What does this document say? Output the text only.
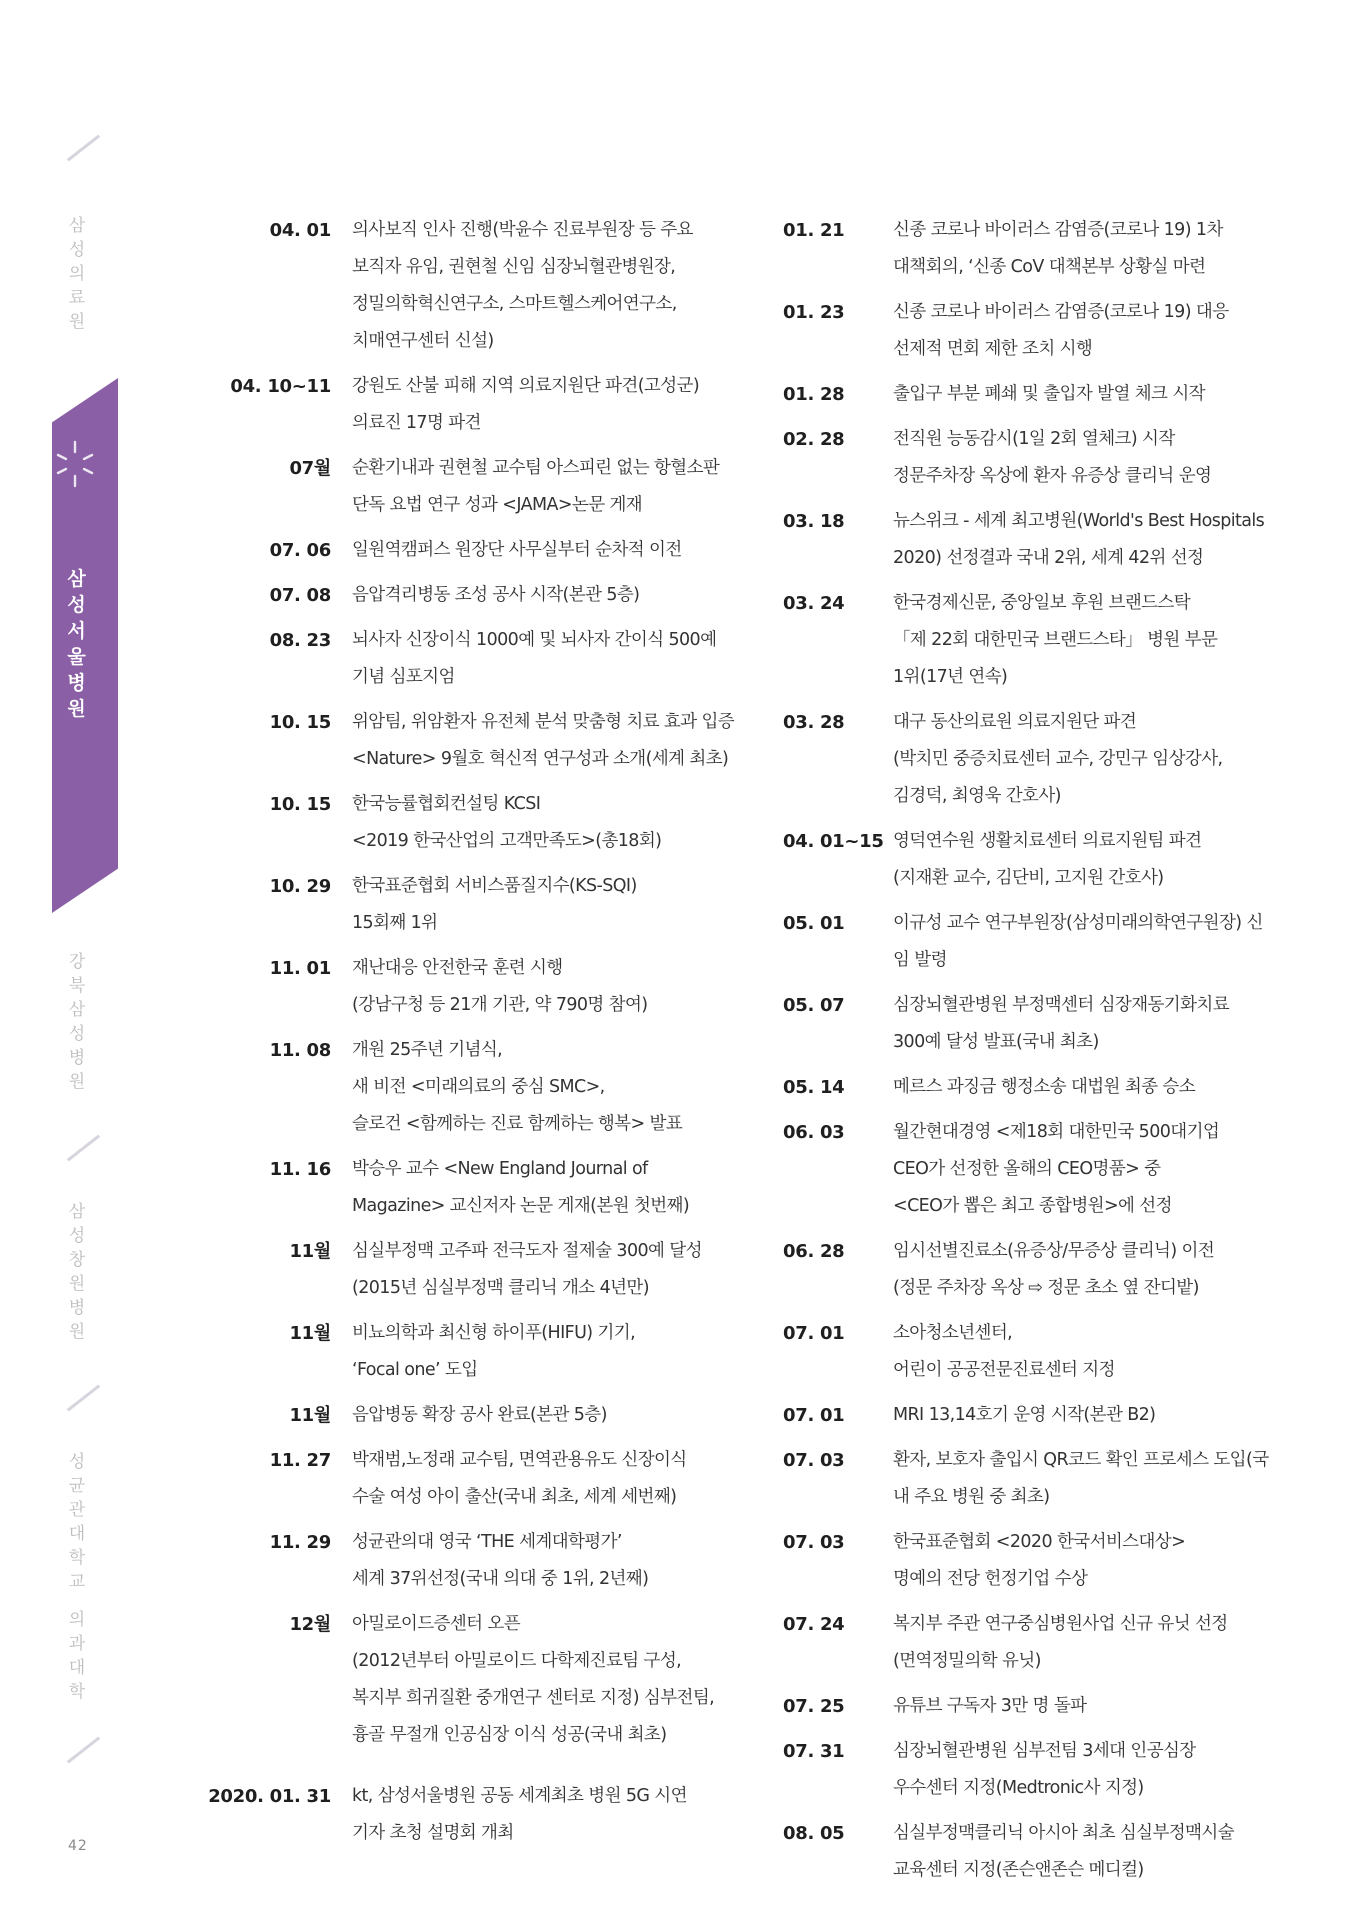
삼
성
의
료
원
삼
성
서
울
병
원
강
북
삼
성
병
원
삼
성
창
원
병
원
성
균
관
대
학
교

의
과
대
학
42
04. 01 의사보직 인사 진행(박윤수 진료부원장 등 주요
보직자 유임, 권현철 신임 심장뇌혈관병원장,
정밀의학혁신연구소, 스마트헬스케어연구소,
치매연구센터 신설)
04. 10~11 강원도 산불 피해 지역 의료지원단 파견(고성군)
의료진 17명 파견
07월 순환기내과 권현철 교수팀 아스피린 없는 항혈소판
단독 요법 연구 성과 <JAMA>논문 게재
07. 06 일원역캠퍼스 원장단 사무실부터 순차적 이전
07. 08 음압격리병동 조성 공사 시작(본관 5층)
08. 23 뇌사자 신장이식 1000예 및 뇌사자 간이식 500예
기념 심포지엄
10. 15 위암팀, 위암환자 유전체 분석 맞춤형 치료 효과 입증
<Nature> 9월호 혁신적 연구성과 소개(세계 최초)
10. 15 한국능률협회컨설팅 KCSI
<2019 한국산업의 고객만족도>(총18회)
10. 29 한국표준협회 서비스품질지수(KS-SQI)
15회째 1위
11. 01 재난대응 안전한국 훈련 시행
(강남구청 등 21개 기관, 약 790명 참여)
11. 08 개원 25주년 기념식,
새 비전 <미래의료의 중심 SMC>,
슬로건 <함께하는 진료 함께하는 행복> 발표
11. 16 박승우 교수 <New England Journal of
Magazine> 교신저자 논문 게재(본원 첫번째)
11월 심실부정맥 고주파 전극도자 절제술 300예 달성
(2015년 심실부정맥 클리닉 개소 4년만)
11월 비뇨의학과 최신형 하이푸(HIFU) 기기,
‘Focal one’ 도입
11월 음압병동 확장 공사 완료(본관 5층)
11. 27 박재범,노정래 교수팀, 면역관용유도 신장이식
수술 여성 아이 출산(국내 최초, 세계 세번째)
11. 29 성균관의대 영국 ‘THE 세계대학평가’
세계 37위선정(국내 의대 중 1위, 2년째)
12월 아밀로이드증센터 오픈
(2012년부터 아밀로이드 다학제진료팀 구성,
복지부 희귀질환 중개연구 센터로 지정) 심부전팀,
흉골 무절개 인공심장 이식 성공(국내 최초)
2020. 01. 31 kt, 삼성서울병원 공동 세계최초 병원 5G 시연
기자 초청 설명회 개최
01. 21	신종 코로나 바이러스 감염증(코로나 19) 1차
대책회의, ‘신종 CoV 대책본부 상황실 마련
01. 23	신종 코로나 바이러스 감염증(코로나 19) 대응
선제적 면회 제한 조치 시행
01. 28	출입구 부분 폐쇄 및 출입자 발열 체크 시작
02. 28	전직원 능동감시(1일 2회 열체크) 시작
정문주차장 옥상에 환자 유증상 클리닉 운영
03. 18	뉴스위크 - 세계 최고병원(World's Best Hospitals
2020) 선정결과 국내 2위, 세계 42위 선정
03. 24	한국경제신문, 중앙일보 후원 브랜드스탁
「제 22회 대한민국 브랜드스타」 병원 부문
1위(17년 연속)
03. 28	대구 동산의료원 의료지원단 파견
(박치민 중증치료센터 교수, 강민구 임상강사,
김경덕, 최영욱 간호사)
04. 01~15 영덕연수원 생활치료센터 의료지원팀 파견
(지재환 교수, 김단비, 고지원 간호사)
05. 01	이규성 교수 연구부원장(삼성미래의학연구원장) 신
임 발령
05. 07	심장뇌혈관병원 부정맥센터 심장재동기화치료
300예 달성 발표(국내 최초)
05. 14	메르스 과징금 행정소송 대법원 최종 승소
06. 03	월간현대경영 <제18회 대한민국 500대기업
CEO가 선정한 올해의 CEO명품> 중
<CEO가 뽑은 최고 종합병원>에 선정
06. 28	임시선별진료소(유증상/무증상 클리닉) 이전
(정문 주차장 옥상 ⇨ 정문 초소 옆 잔디밭)
07. 01	소아청소년센터,
어린이 공공전문진료센터 지정
07. 01	MRI 13,14호기 운영 시작(본관 B2)
07. 03	환자, 보호자 출입시 QR코드 확인 프로세스 도입(국
내 주요 병원 중 최초)
07. 03	한국표준협회 <2020 한국서비스대상>
명예의 전당 헌정기업 수상
07. 24	복지부 주관 연구중심병원사업 신규 유닛 선정
(면역정밀의학 유닛)
07. 25	유튜브 구독자 3만 명 돌파
07. 31	심장뇌혈관병원 심부전팀 3세대 인공심장
우수센터 지정(Medtronic사 지정)
08. 05	심실부정맥클리닉 아시아 최초 심실부정맥시술
교육센터 지정(존슨앤존슨 메디컬)
